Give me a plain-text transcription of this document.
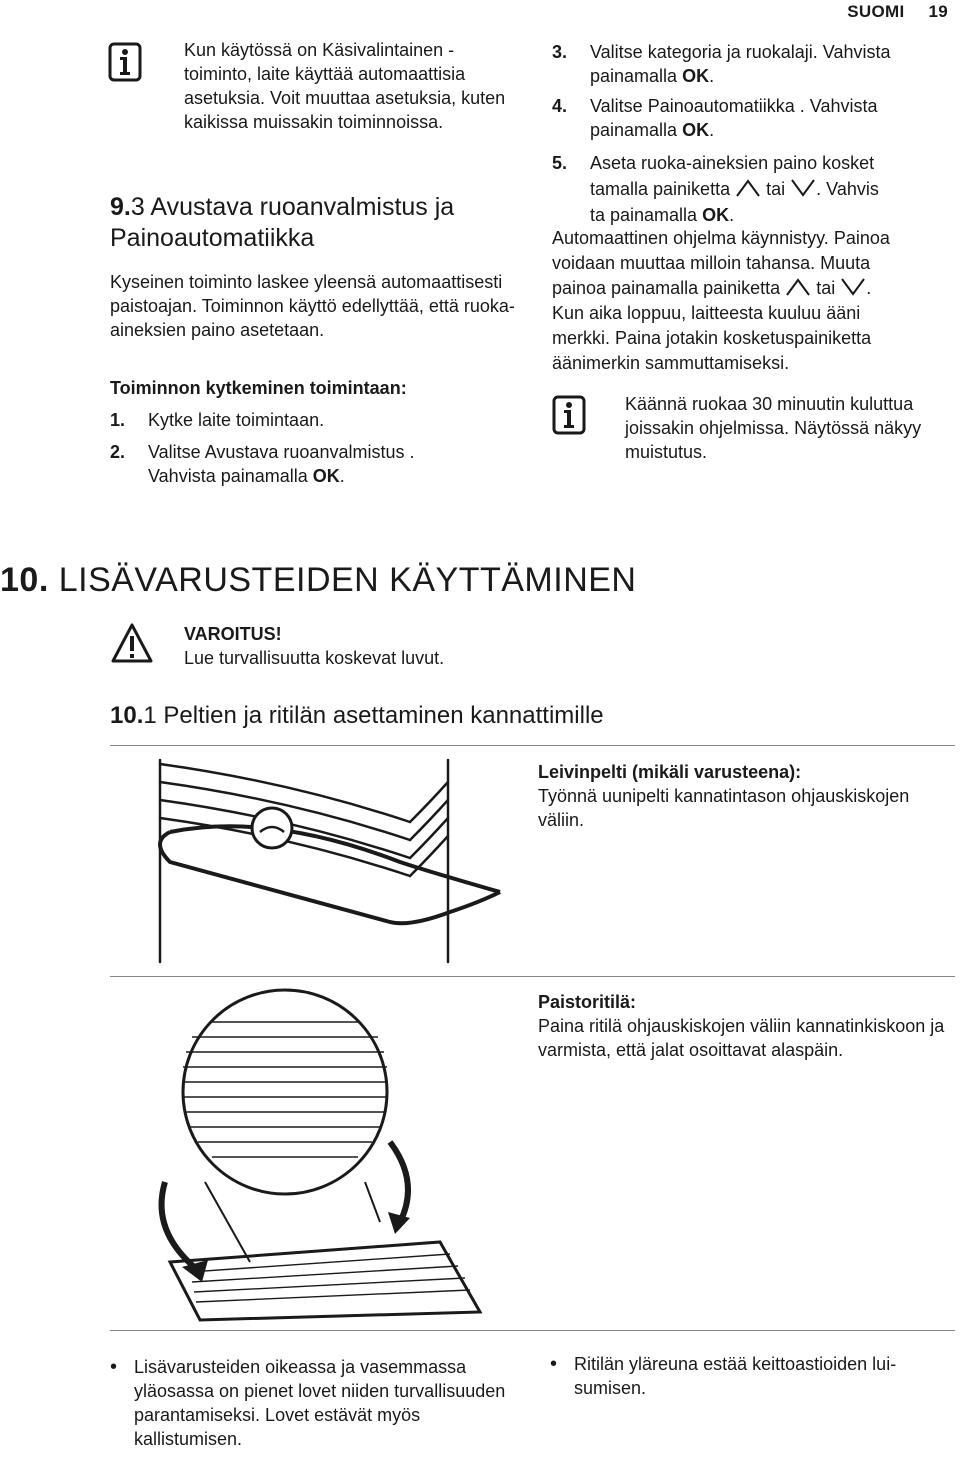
SUOMI 19
Kun käytössä on Käsivalintainen - toiminto, laite käyttää automaattisia asetuksia. Voit muuttaa asetuksia, kuten kaikissa muissakin toiminnoissa.
9.3 Avustava ruoanvalmistus ja
Painoautomatiikka
Kyseinen toiminto laskee yleensä automaattisesti paistoajan. Toiminnon käyttö edellyttää, että ruoka-aineksien paino asetetaan.
Toiminnon kytkeminen toimintaan:
1. Kytke laite toimintaan.
2. Valitse Avustava ruoanvalmistus .
Vahvista painamalla OK.
3. Valitse kategoria ja ruokalaji. Vahvista
painamalla OK.
4. Valitse Painoautomatiikka . Vahvista
painamalla OK.
5. Aseta ruoka-aineksien paino kosket
tamalla painiketta tai . Vahvis
ta painamalla OK.
Automaattinen ohjelma käynnistyy. Painoa
voidaan muuttaa milloin tahansa. Muuta
painoa painamalla painiketta tai .
Kun aika loppuu, laitteesta kuuluu ääni
merkki. Paina jotakin kosketuspainiketta
äänimerkin sammuttamiseksi.
Käännä ruokaa 30 minuutin kuluttua joissakin ohjelmissa. Näytössä näkyy muistutus.
10. LISÄVARUSTEIDEN KÄYTTÄMINEN
VAROITUS!
Lue turvallisuutta koskevat luvut.
10.1 Peltien ja ritilän asettaminen kannattimille
Leivinpelti (mikäli varusteena):
Työnnä uunipelti kannatintason ohjauskiskojen väliin.
Paistoritilä:
Paina ritilä ohjauskiskojen väliin kannatinkiskoon ja varmista, että jalat osoittavat alaspäin.
• Lisävarusteiden oikeassa ja vasemmassa yläosassa on pienet lovet niiden turvallisuuden parantamiseksi. Lovet estävät myös kallistumisen.
• Ritilän yläreuna estää keittoastioiden luisumisen.
